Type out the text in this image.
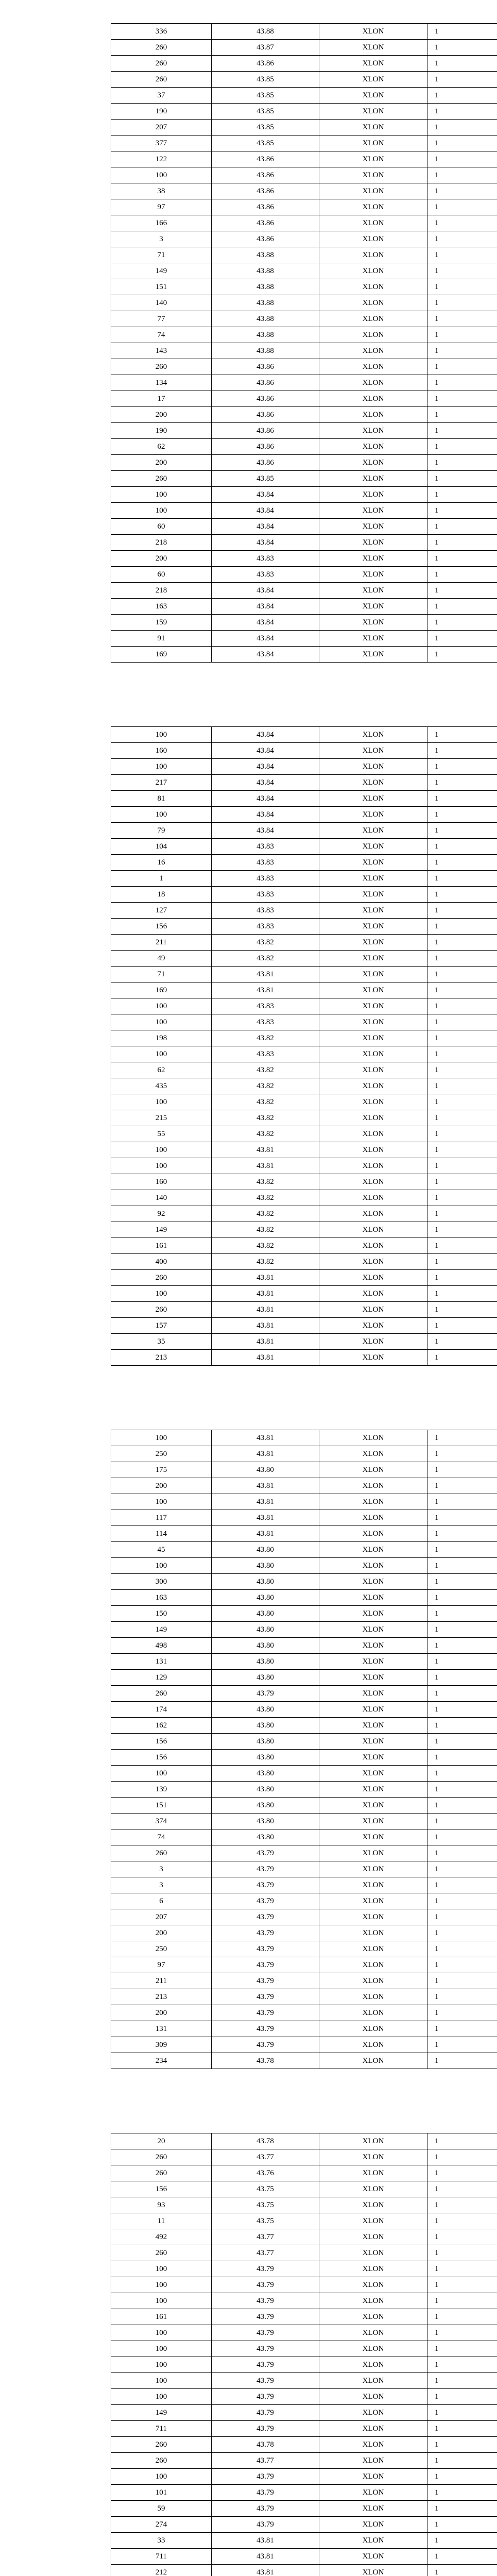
336	43.88	XLON	1
260	43.87	XLON	1
260	43.86	XLON	1
260	43.85	XLON	1
37	43.85	XLON	1
190	43.85	XLON	1
207	43.85	XLON	1
377	43.85	XLON	1
122	43.86	XLON	1
100	43.86	XLON	1
38	43.86	XLON	1
97	43.86	XLON	1
166	43.86	XLON	1
3	43.86	XLON	1
71	43.88	XLON	1
149	43.88	XLON	1
151	43.88	XLON	1
140	43.88	XLON	1
77	43.88	XLON	1
74	43.88	XLON	1
143	43.88	XLON	1
260	43.86	XLON	1
134	43.86	XLON	1
17	43.86	XLON	1
200	43.86	XLON	1
190	43.86	XLON	1
62	43.86	XLON	1
200	43.86	XLON	1
260	43.85	XLON	1
100	43.84	XLON	1
100	43.84	XLON	1
60	43.84	XLON	1
218	43.84	XLON	1
200	43.83	XLON	1
60	43.83	XLON	1
218	43.84	XLON	1
163	43.84	XLON	1
159	43.84	XLON	1
91	43.84	XLON	1
169	43.84	XLON	1
100	43.84	XLON	1
160	43.84	XLON	1
100	43.84	XLON	1
217	43.84	XLON	1
81	43.84	XLON	1
100	43.84	XLON	1
79	43.84	XLON	1
104	43.83	XLON	1
16	43.83	XLON	1
1	43.83	XLON	1
18	43.83	XLON	1
127	43.83	XLON	1
156	43.83	XLON	1
211	43.82	XLON	1
49	43.82	XLON	1
71	43.81	XLON	1
169	43.81	XLON	1
100	43.83	XLON	1
100	43.83	XLON	1
198	43.82	XLON	1
100	43.83	XLON	1
62	43.82	XLON	1
435	43.82	XLON	1
100	43.82	XLON	1
215	43.82	XLON	1
55	43.82	XLON	1
100	43.81	XLON	1
100	43.81	XLON	1
160	43.82	XLON	1
140	43.82	XLON	1
92	43.82	XLON	1
149	43.82	XLON	1
161	43.82	XLON	1
400	43.82	XLON	1
260	43.81	XLON	1
100	43.81	XLON	1
260	43.81	XLON	1
157	43.81	XLON	1
35	43.81	XLON	1
213	43.81	XLON	1
100	43.81	XLON	1
250	43.81	XLON	1
175	43.80	XLON	1
200	43.81	XLON	1
100	43.81	XLON	1
117	43.81	XLON	1
114	43.81	XLON	1
45	43.80	XLON	1
100	43.80	XLON	1
300	43.80	XLON	1
163	43.80	XLON	1
150	43.80	XLON	1
149	43.80	XLON	1
498	43.80	XLON	1
131	43.80	XLON	1
129	43.80	XLON	1
260	43.79	XLON	1
174	43.80	XLON	1
162	43.80	XLON	1
156	43.80	XLON	1
156	43.80	XLON	1
100	43.80	XLON	1
139	43.80	XLON	1
151	43.80	XLON	1
374	43.80	XLON	1
74	43.80	XLON	1
260	43.79	XLON	1
3	43.79	XLON	1
3	43.79	XLON	1
6	43.79	XLON	1
207	43.79	XLON	1
200	43.79	XLON	1
250	43.79	XLON	1
97	43.79	XLON	1
211	43.79	XLON	1
213	43.79	XLON	1
200	43.79	XLON	1
131	43.79	XLON	1
309	43.79	XLON	1
234	43.78	XLON	1
20	43.78	XLON	1
260	43.77	XLON	1
260	43.76	XLON	1
156	43.75	XLON	1
93	43.75	XLON	1
11	43.75	XLON	1
492	43.77	XLON	1
260	43.77	XLON	1
100	43.79	XLON	1
100	43.79	XLON	1
100	43.79	XLON	1
161	43.79	XLON	1
100	43.79	XLON	1
100	43.79	XLON	1
100	43.79	XLON	1
100	43.79	XLON	1
100	43.79	XLON	1
149	43.79	XLON	1
711	43.79	XLON	1
260	43.78	XLON	1
260	43.77	XLON	1
100	43.79	XLON	1
101	43.79	XLON	1
59	43.79	XLON	1
274	43.79	XLON	1
33	43.81	XLON	1
711	43.81	XLON	1
212	43.81	XLON	1
